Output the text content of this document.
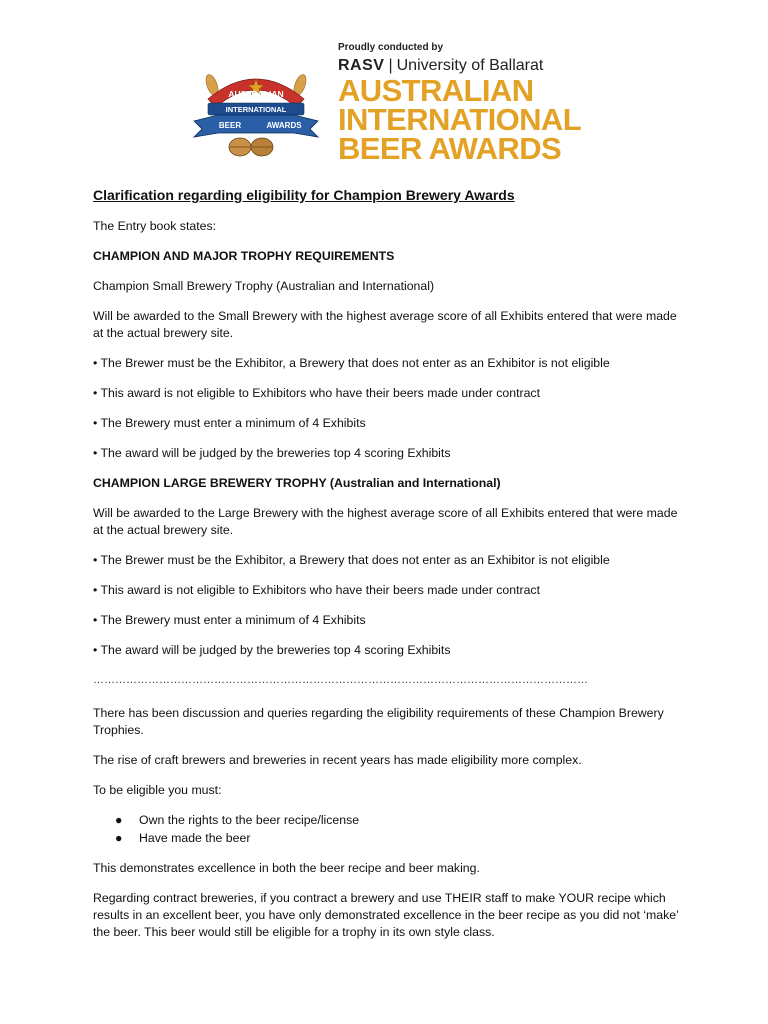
AUSTRALIAN
INTERNATIONAL
BEER	AWARDS
Proudly conducted by
RASV | University of Ballarat
AUSTRALIAN
INTERNATIONAL
BEER AWARDS
Clarification regarding eligibility for Champion Brewery Awards

The Entry book states:

CHAMPION AND MAJOR TROPHY REQUIREMENTS

Champion Small Brewery Trophy (Australian and International)

Will be awarded to the Small Brewery with the highest average score of all Exhibits entered that were made at the actual brewery site.

• The Brewer must be the Exhibitor, a Brewery that does not enter as an Exhibitor is not eligible

• This award is not eligible to Exhibitors who have their beers made under contract

• The Brewery must enter a minimum of 4 Exhibits

• The award will be judged by the breweries top 4 scoring Exhibits

CHAMPION LARGE BREWERY TROPHY (Australian and International)

Will be awarded to the Large Brewery with the highest average score of all Exhibits entered that were made at the actual brewery site.

• The Brewer must be the Exhibitor, a Brewery that does not enter as an Exhibitor is not eligible

• This award is not eligible to Exhibitors who have their beers made under contract

• The Brewery must enter a minimum of 4 Exhibits

• The award will be judged by the breweries top 4 scoring Exhibits

………………………………………………………………………………………………………………………

There has been discussion and queries regarding the eligibility requirements of these Champion Brewery Trophies.

The rise of craft brewers and breweries in recent years has made eligibility more complex.

To be eligible you must:

● Own the rights to the beer recipe/license
● Have made the beer

This demonstrates excellence in both the beer recipe and beer making.

Regarding contract breweries, if you contract a brewery and use THEIR staff to make YOUR recipe which results in an excellent beer, you have only demonstrated excellence in the beer recipe as you did not ‘make’ the beer. This beer would still be eligible for a trophy in its own style class.
